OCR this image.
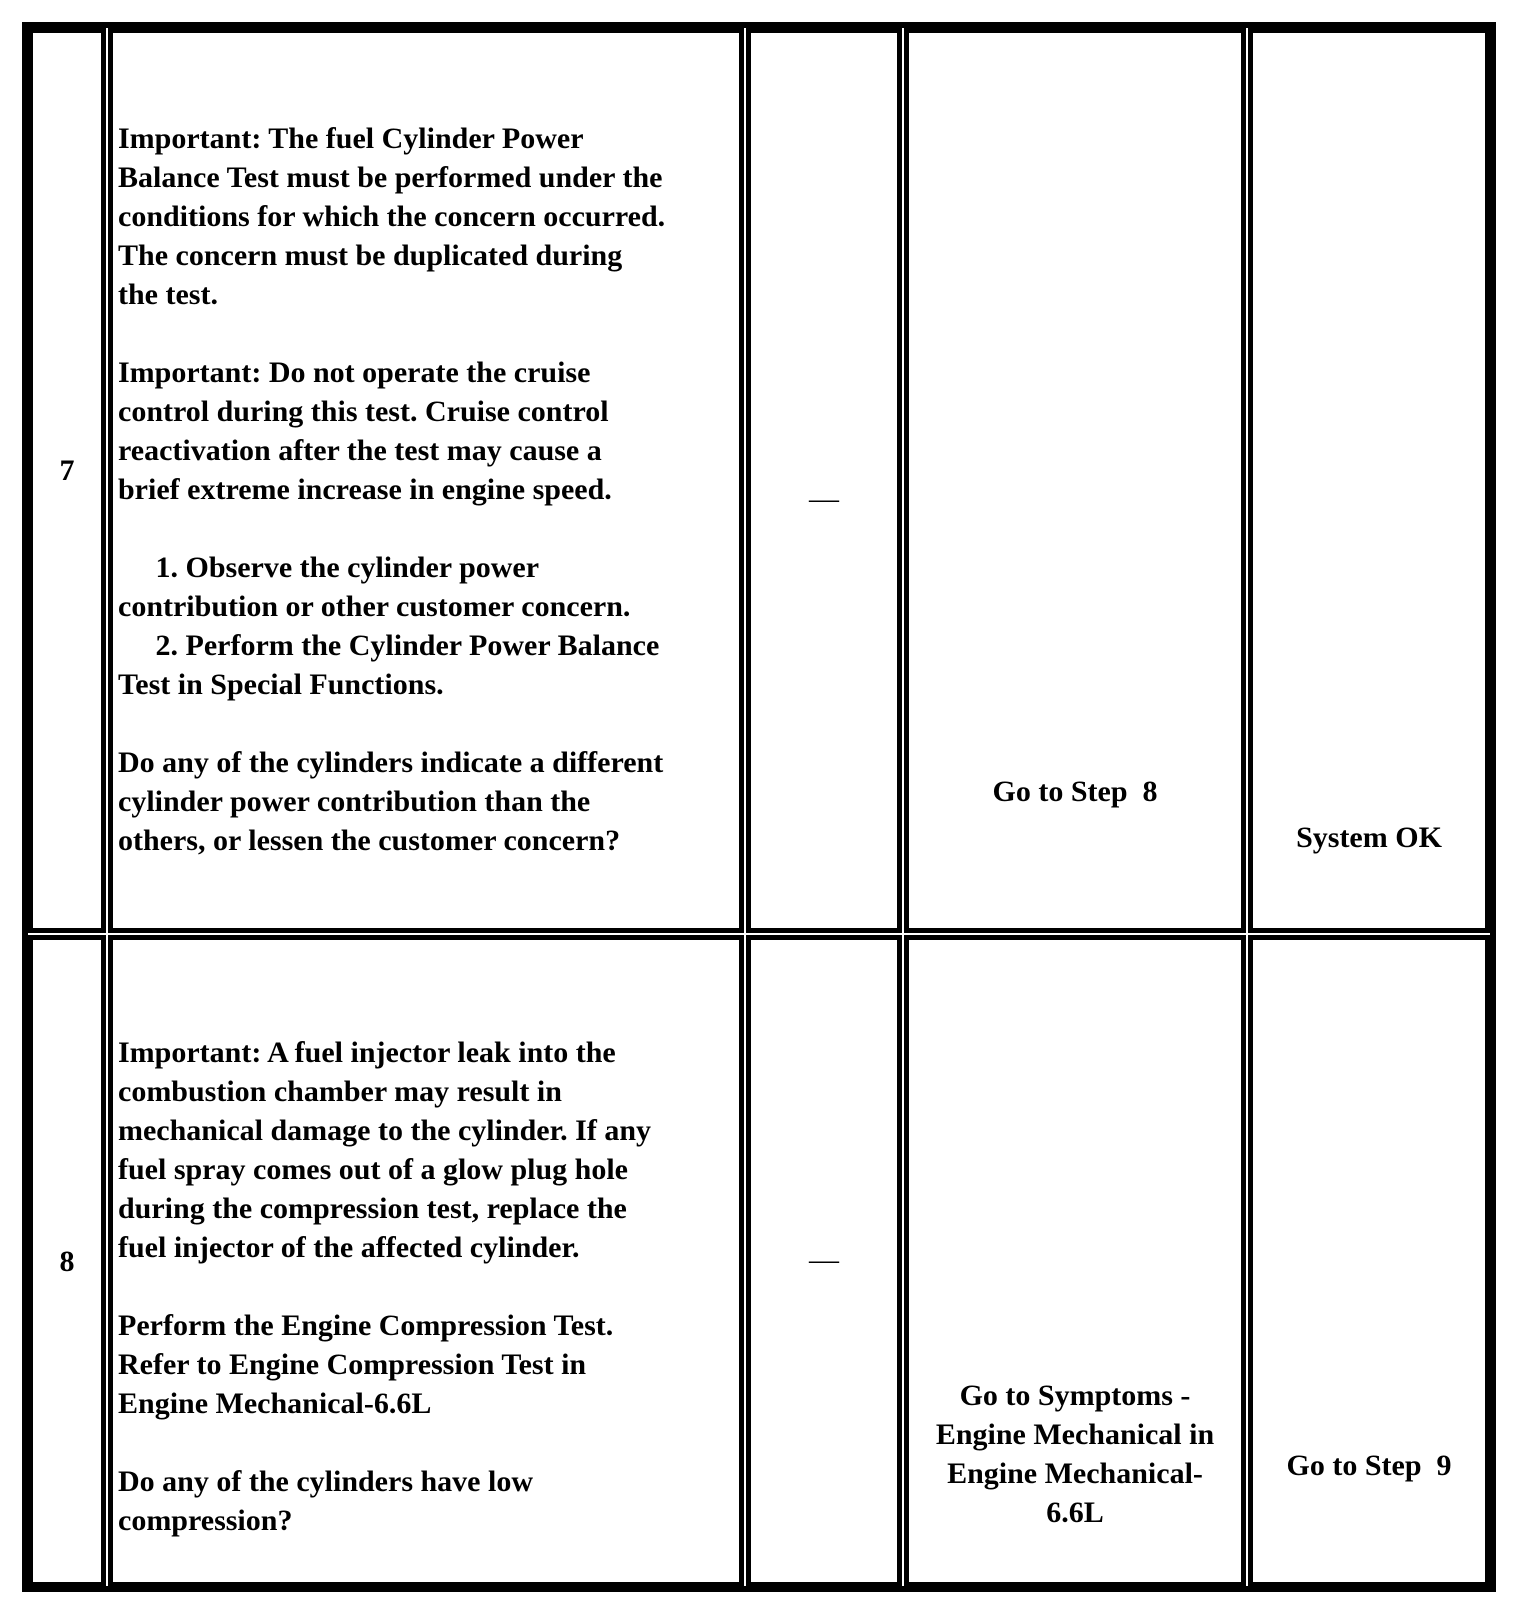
7
Important: The fuel Cylinder Power
Balance Test must be performed under the
conditions for which the concern occurred.
The concern must be duplicated during
the test.

Important: Do not operate the cruise
control during this test. Cruise control
reactivation after the test may cause a
brief extreme increase in engine speed.

1. Observe the cylinder power
contribution or other customer concern.
2. Perform the Cylinder Power Balance
Test in Special Functions.

Do any of the cylinders indicate a different
cylinder power contribution than the
others, or lessen the customer concern?
—
Go to Step  8
System OK
8
Important: A fuel injector leak into the
combustion chamber may result in
mechanical damage to the cylinder. If any
fuel spray comes out of a glow plug hole
during the compression test, replace the
fuel injector of the affected cylinder.

Perform the Engine Compression Test.
Refer to Engine Compression Test in
Engine Mechanical-6.6L

Do any of the cylinders have low
compression?
—
Go to Symptoms -
Engine Mechanical in
Engine Mechanical-
6.6L
Go to Step  9
